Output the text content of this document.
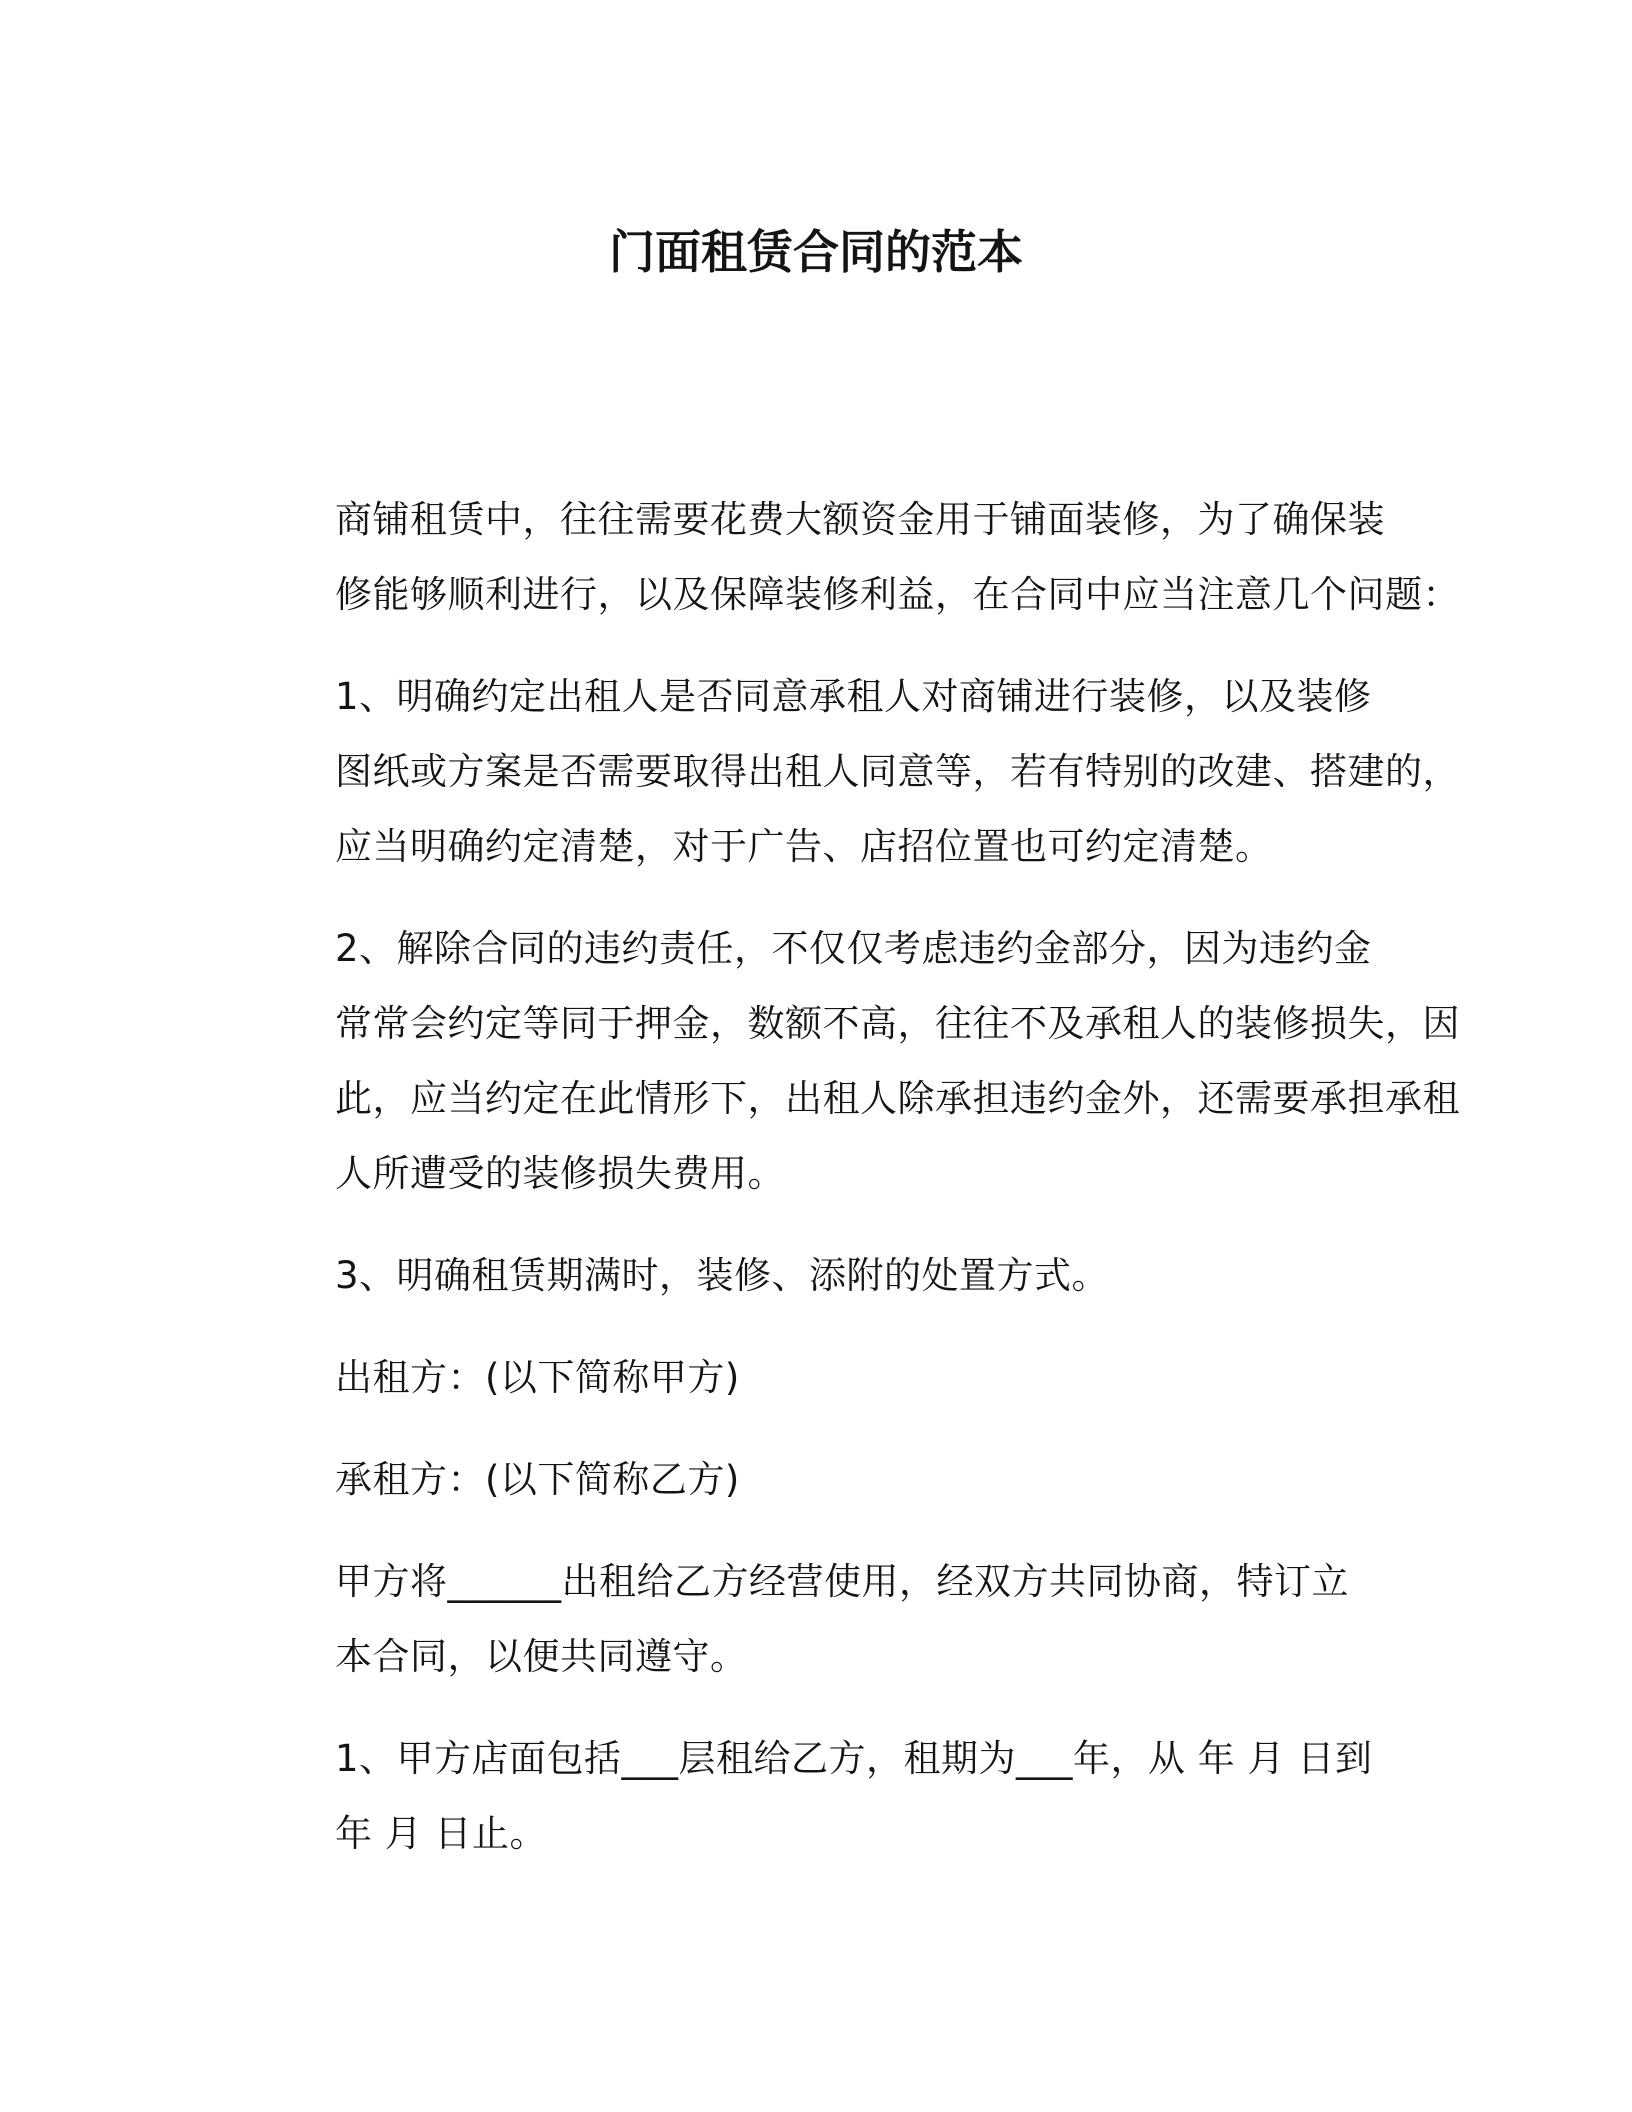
门面租赁合同的范本

商铺租赁中，往往需要花费大额资金用于铺面装修，为了确保装
修能够顺利进行，以及保障装修利益，在合同中应当注意几个问题：

1、明确约定出租人是否同意承租人对商铺进行装修，以及装修
图纸或方案是否需要取得出租人同意等，若有特别的改建、搭建的，
应当明确约定清楚，对于广告、店招位置也可约定清楚。

2、解除合同的违约责任，不仅仅考虑违约金部分，因为违约金
常常会约定等同于押金，数额不高，往往不及承租人的装修损失，因
此，应当约定在此情形下，出租人除承担违约金外，还需要承担承租
人所遭受的装修损失费用。

3、明确租赁期满时，装修、添附的处置方式。

出租方：(以下简称甲方)

承租方：(以下简称乙方)

甲方将______出租给乙方经营使用，经双方共同协商，特订立
本合同，以便共同遵守。

1、甲方店面包括___层租给乙方，租期为___年，从 年 月 日到
年 月 日止。
